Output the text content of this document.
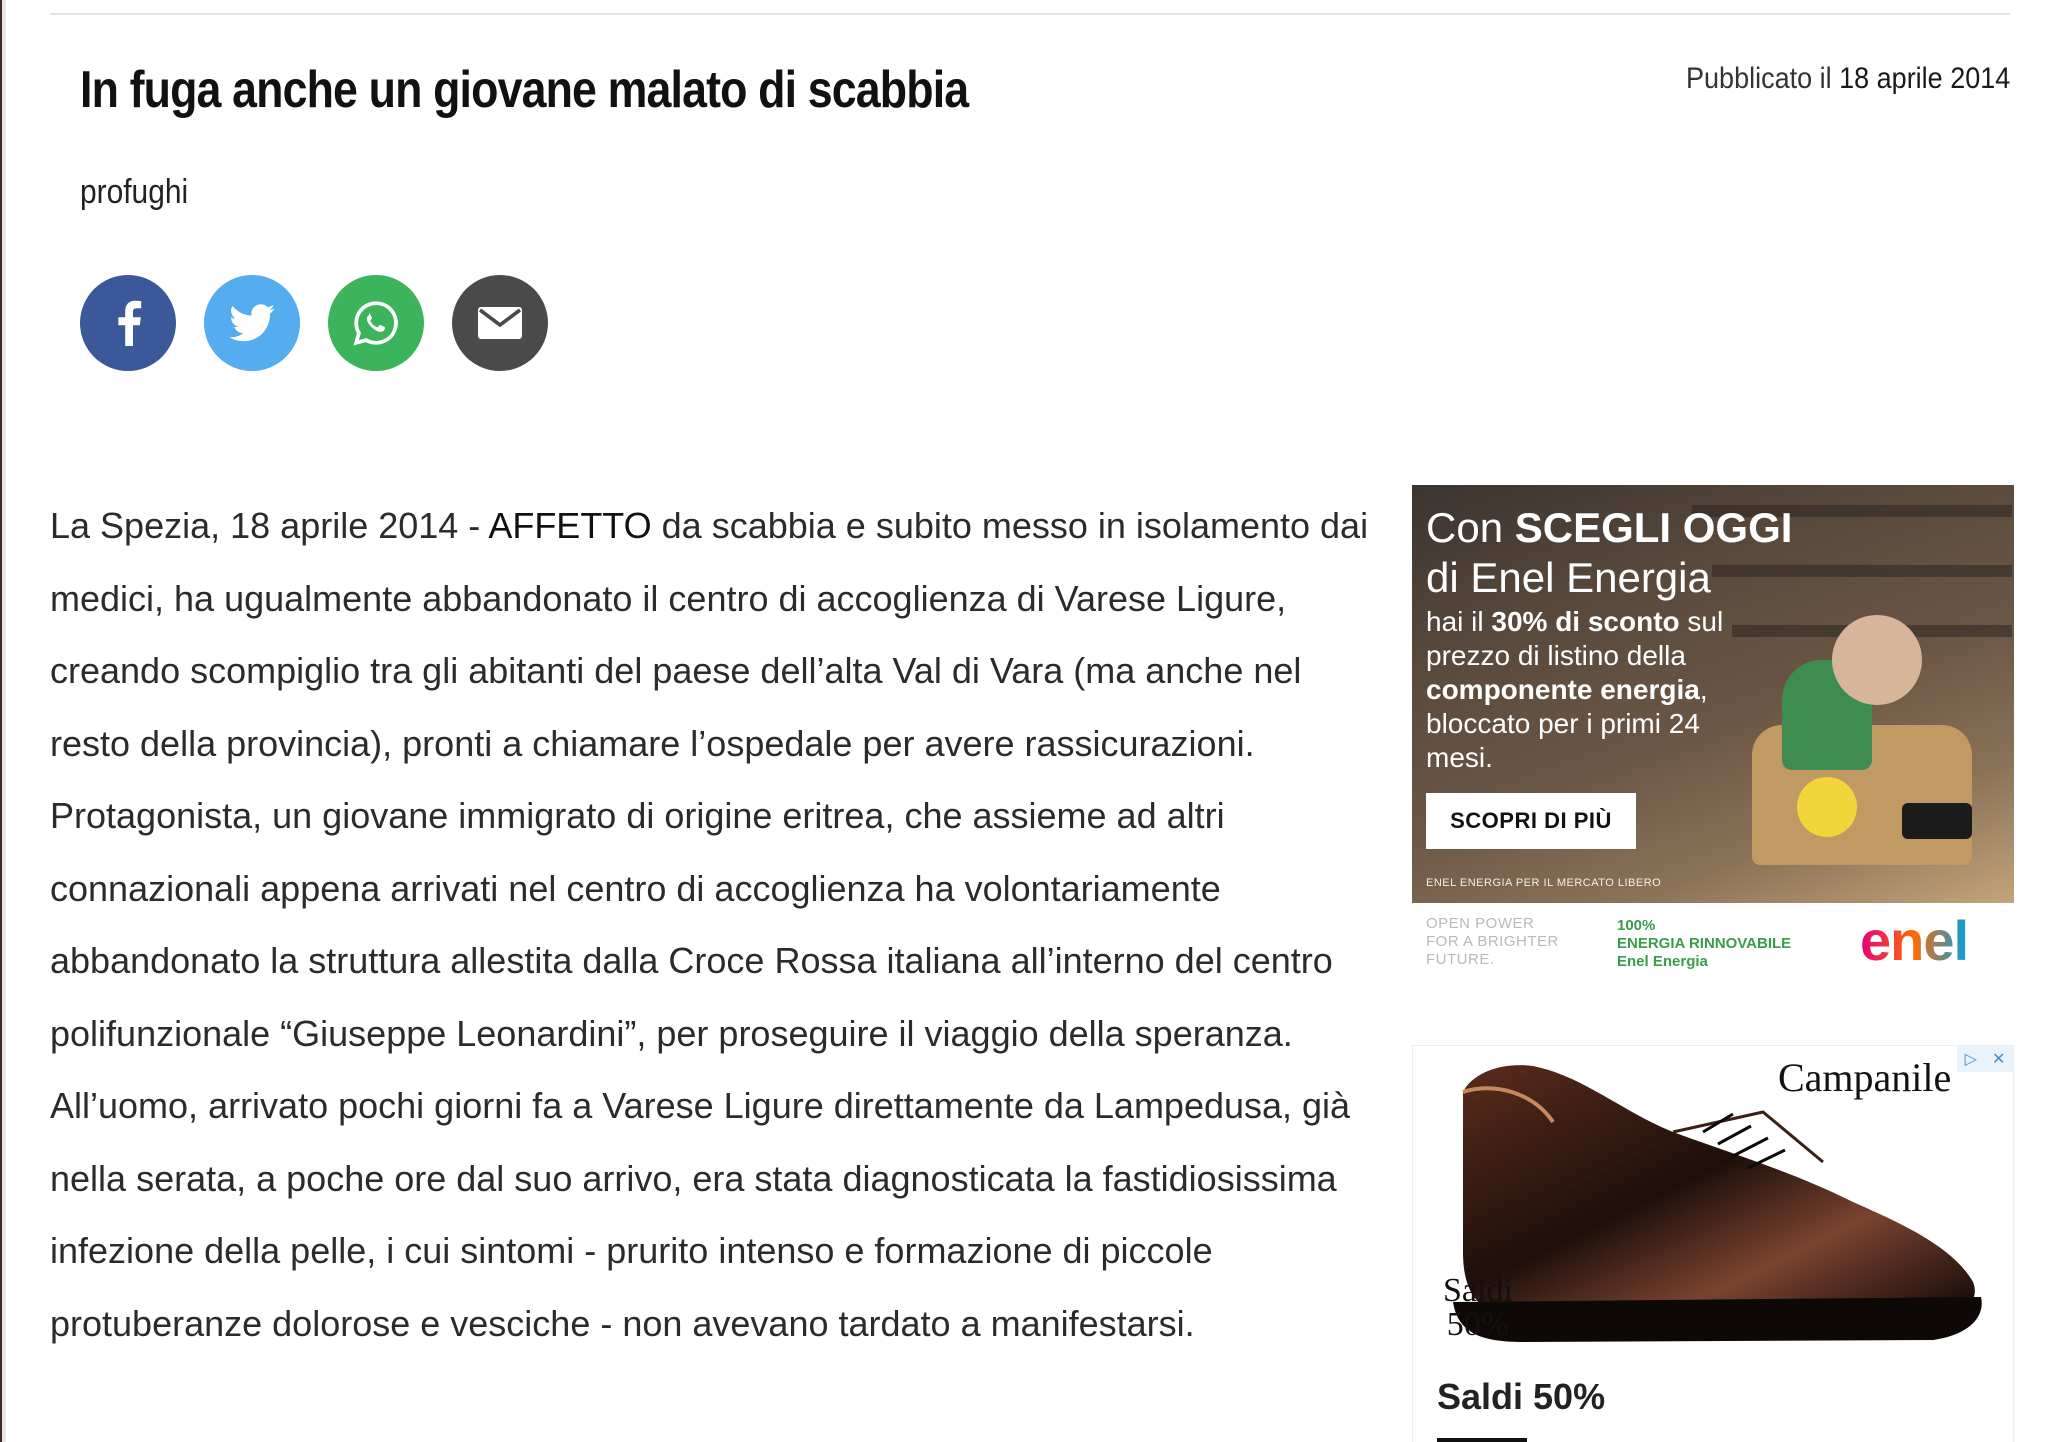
In fuga anche un giovane malato di scabbia	Pubblicato il 18 aprile 2014
profughi
La Spezia, 18 aprile 2014 - AFFETTO da scabbia e subito messo in isolamento dai medici, ha ugualmente abbandonato il centro di accoglienza di Varese Ligure, creando scompiglio tra gli abitanti del paese dell’alta Val di Vara (ma anche nel resto della provincia), pronti a chiamare l’ospedale per avere rassicurazioni. Protagonista, un giovane immigrato di origine eritrea, che assieme ad altri connazionali appena arrivati nel centro di accoglienza ha volontariamente abbandonato la struttura allestita dalla Croce Rossa italiana all’interno del centro polifunzionale “Giuseppe Leonardini”, per proseguire il viaggio della speranza. All’uomo, arrivato pochi giorni fa a Varese Ligure direttamente da Lampedusa, già nella serata, a poche ore dal suo arrivo, era stata diagnosticata la fastidiosissima infezione della pelle, i cui sintomi - prurito intenso e formazione di piccole protuberanze dolorose e vesciche - non avevano tardato a manifestarsi.
Con SCEGLI OGGI
di Enel Energia
hai il 30% di sconto sul prezzo di listino della componente energia, bloccato per i primi 24 mesi.
SCOPRI DI PIÙ
ENEL ENERGIA PER IL MERCATO LIBERO
OPEN POWER
FOR A BRIGHTER
FUTURE.
100%
ENERGIA RINNOVABILE
Enel Energia	enel
▷ ✕
Campanile
Saldi
50%
Saldi 50%
